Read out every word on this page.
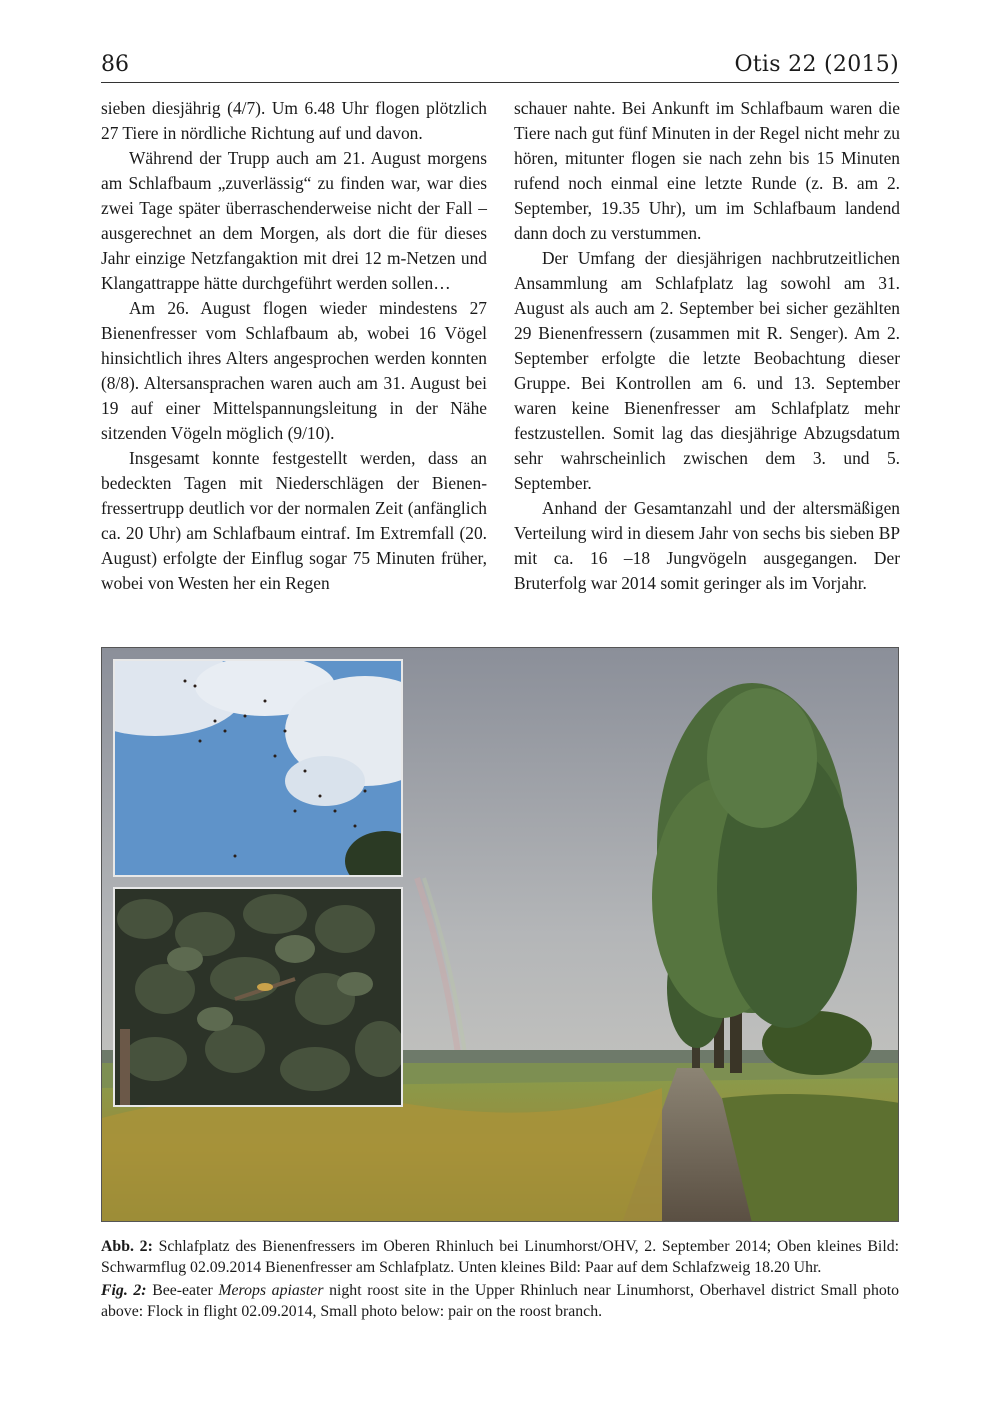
86	Otis 22 (2015)

sieben diesjährig (4/7). Um 6.48 Uhr flogen plötzlich 27 Tiere in nördliche Richtung auf und davon.

Während der Trupp auch am 21. August morgens am Schlafbaum „zuverlässig“ zu finden war, war dies zwei Tage später überraschenderweise nicht der Fall – ausgerechnet an dem Morgen, als dort die für dieses Jahr einzige Netzfangaktion mit drei 12 m-Netzen und Klangattrappe hätte durchgeführt werden sollen…

Am 26. August flogen wieder mindestens 27 Bienenfresser vom Schlafbaum ab, wobei 16 Vögel hinsichtlich ihres Alters angesprochen werden konnten (8/8). Altersansprachen waren auch am 31. August bei 19 auf einer Mittelspannungsleitung in der Nähe sitzenden Vögeln möglich (9/10).

Insgesamt konnte festgestellt werden, dass an bedeckten Tagen mit Niederschlägen der Bienenfressertrupp deutlich vor der normalen Zeit (anfänglich ca. 20 Uhr) am Schlafbaum eintraf. Im Extremfall (20. August) erfolgte der Einflug sogar 75 Minuten früher, wobei von Westen her ein Regen

schauer nahte. Bei Ankunft im Schlafbaum waren die Tiere nach gut fünf Minuten in der Regel nicht mehr zu hören, mitunter flogen sie nach zehn bis 15 Minuten rufend noch einmal eine letzte Runde (z. B. am 2. September, 19.35 Uhr), um im Schlafbaum landend dann doch zu verstummen.

Der Umfang der diesjährigen nachbrutzeitlichen Ansammlung am Schlafplatz lag sowohl am 31. August als auch am 2. September bei sicher gezählten 29 Bienenfressern (zusammen mit R. Senger). Am 2. September erfolgte die letzte Beobachtung dieser Gruppe. Bei Kontrollen am 6. und 13. September waren keine Bienenfresser am Schlafplatz mehr festzustellen. Somit lag das diesjährige Abzugsdatum sehr wahrscheinlich zwischen dem 3. und 5. September.

Anhand der Gesamtanzahl und der altersmäßigen Verteilung wird in diesem Jahr von sechs bis sieben BP mit ca. 16 –18 Jungvögeln ausgegangen. Der Bruterfolg war 2014 somit geringer als im Vorjahr.

Abb. 2: Schlafplatz des Bienenfressers im Oberen Rhinluch bei Linumhorst/OHV, 2. September 2014; Oben kleines Bild: Schwarmflug 02.09.2014 Bienenfresser am Schlafplatz. Unten kleines Bild: Paar auf dem Schlafzweig 18.20 Uhr.

Fig. 2: Bee-eater Merops apiaster night roost site in the Upper Rhinluch near Linumhorst, Oberhavel district Small photo above: Flock in flight 02.09.2014, Small photo below: pair on the roost branch.
